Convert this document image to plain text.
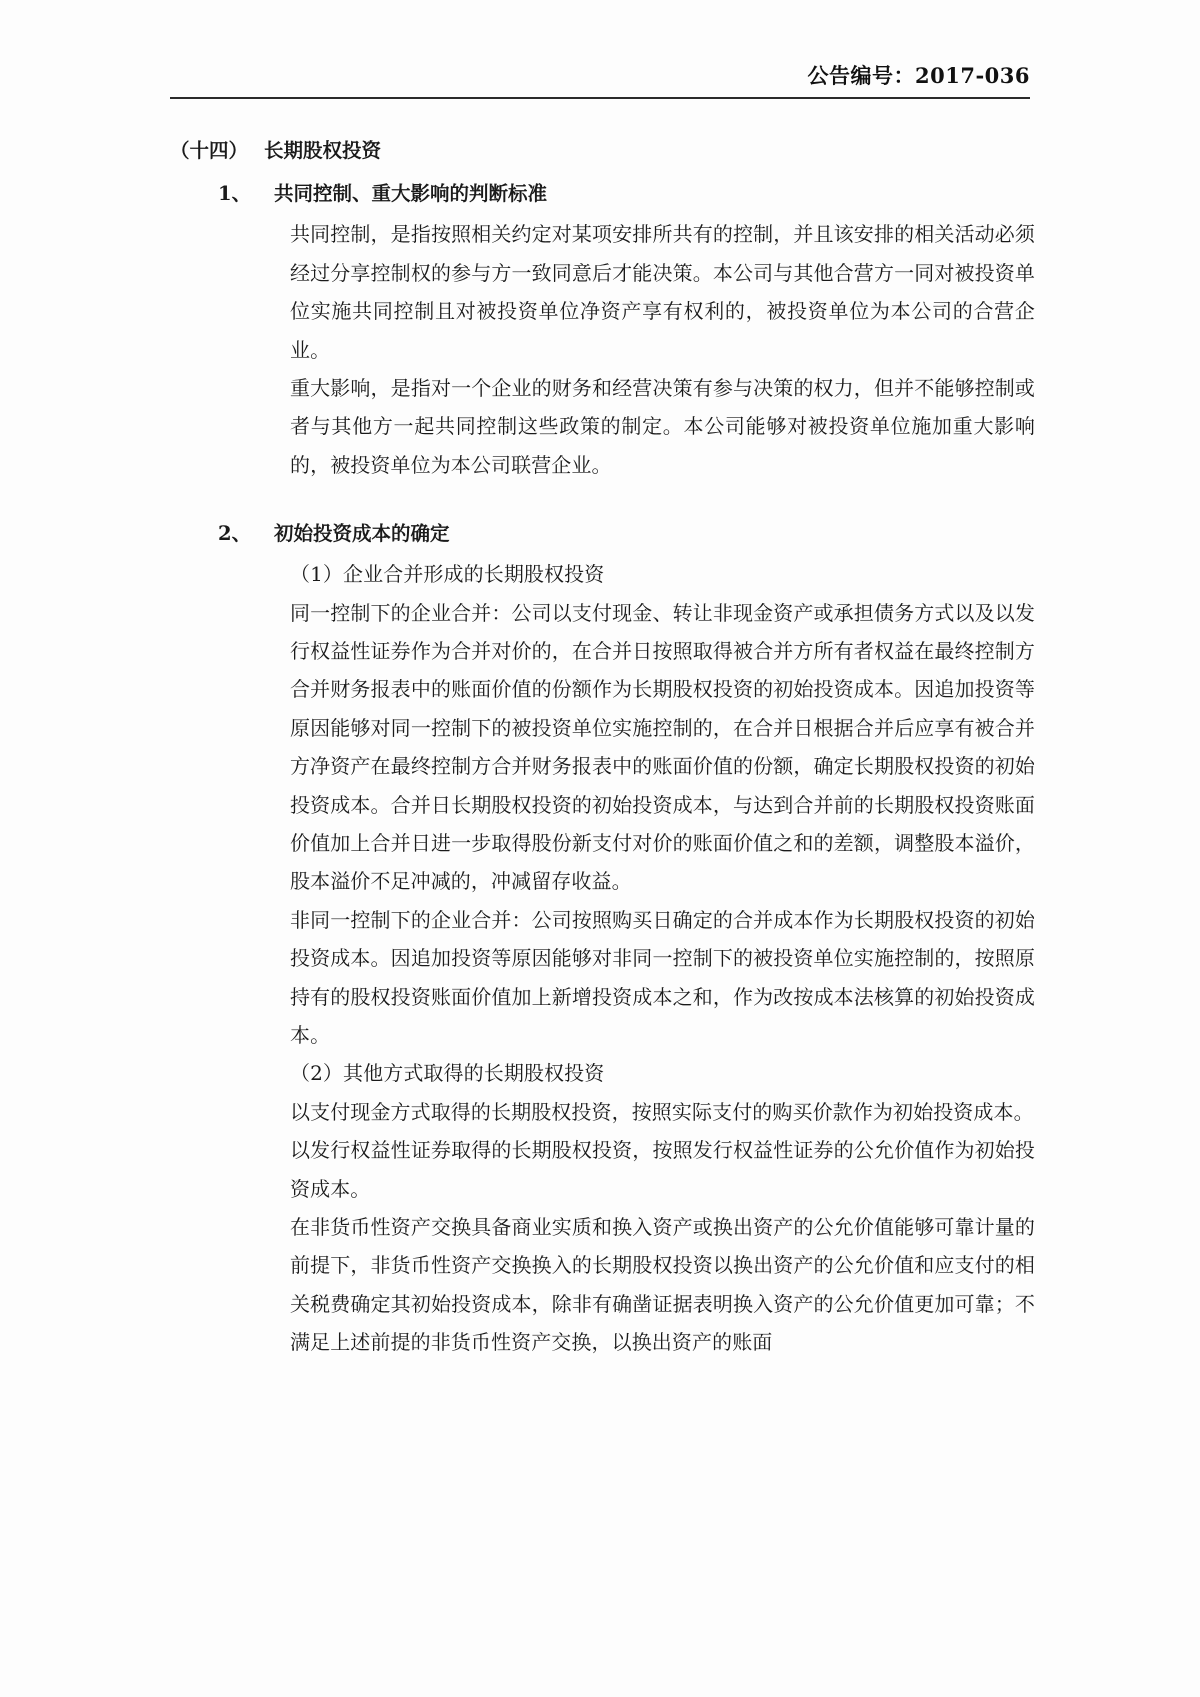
公告编号：2017-036
（十四） 长期股权投资
1、 共同控制、重大影响的判断标准

共同控制，是指按照相关约定对某项安排所共有的控制，并且该安排的相关活动必须经过分享控制权的参与方一致同意后才能决策。本公司与其他合营方一同对被投资单位实施共同控制且对被投资单位净资产享有权利的，被投资单位为本公司的合营企业。

重大影响，是指对一个企业的财务和经营决策有参与决策的权力，但并不能够控制或者与其他方一起共同控制这些政策的制定。本公司能够对被投资单位施加重大影响的，被投资单位为本公司联营企业。

2、 初始投资成本的确定

（1）企业合并形成的长期股权投资

同一控制下的企业合并：公司以支付现金、转让非现金资产或承担债务方式以及以发行权益性证券作为合并对价的，在合并日按照取得被合并方所有者权益在最终控制方合并财务报表中的账面价值的份额作为长期股权投资的初始投资成本。因追加投资等原因能够对同一控制下的被投资单位实施控制的，在合并日根据合并后应享有被合并方净资产在最终控制方合并财务报表中的账面价值的份额，确定长期股权投资的初始投资成本。合并日长期股权投资的初始投资成本，与达到合并前的长期股权投资账面价值加上合并日进一步取得股份新支付对价的账面价值之和的差额，调整股本溢价，股本溢价不足冲减的，冲减留存收益。

非同一控制下的企业合并：公司按照购买日确定的合并成本作为长期股权投资的初始投资成本。因追加投资等原因能够对非同一控制下的被投资单位实施控制的，按照原持有的股权投资账面价值加上新增投资成本之和，作为改按成本法核算的初始投资成本。

（2）其他方式取得的长期股权投资

以支付现金方式取得的长期股权投资，按照实际支付的购买价款作为初始投资成本。

以发行权益性证券取得的长期股权投资，按照发行权益性证券的公允价值作为初始投资成本。

在非货币性资产交换具备商业实质和换入资产或换出资产的公允价值能够可靠计量的前提下，非货币性资产交换换入的长期股权投资以换出资产的公允价值和应支付的相关税费确定其初始投资成本，除非有确凿证据表明换入资产的公允价值更加可靠；不满足上述前提的非货币性资产交换，以换出资产的账面
